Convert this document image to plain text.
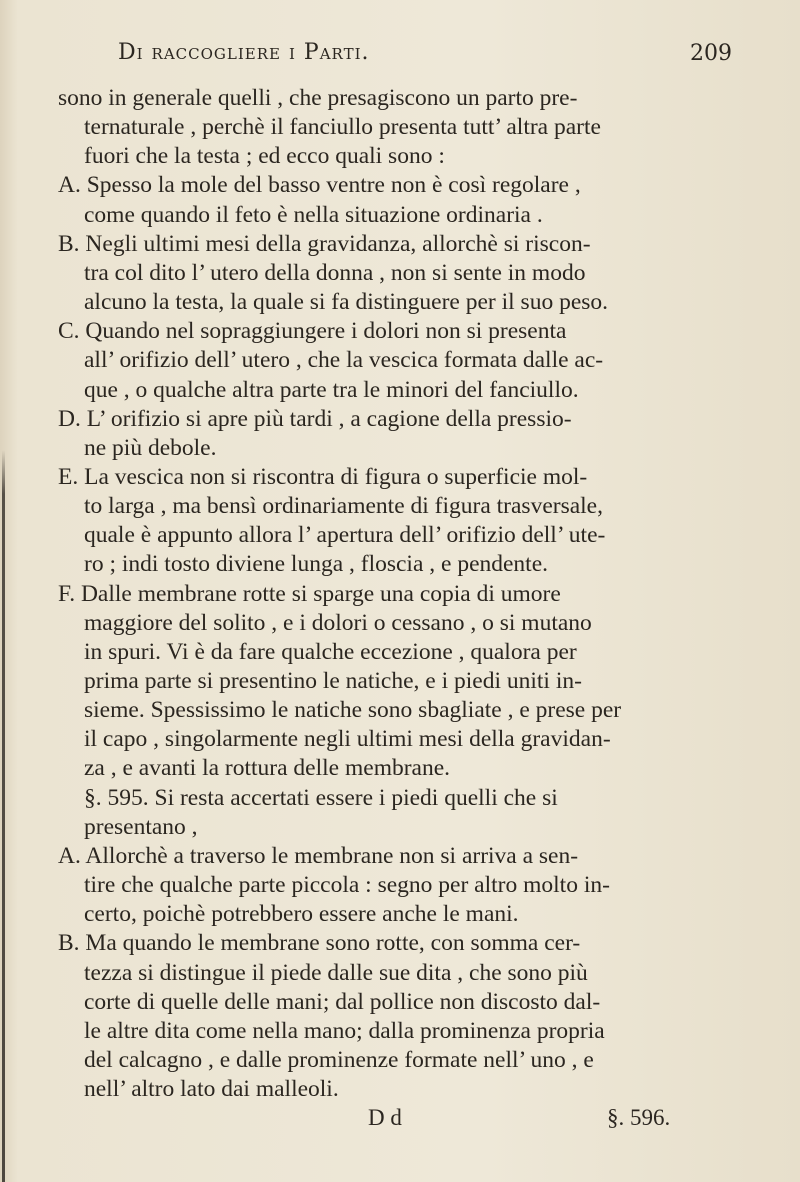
Di raccogliere i Parti.	209
sono in generale quelli , che presagiscono un parto pre-
ternaturale , perchè il fanciullo presenta tutt’ altra parte
fuori che la testa ; ed ecco quali sono :
A. Spesso la mole del basso ventre non è così regolare ,
come quando il feto è nella situazione ordinaria .
B. Negli ultimi mesi della gravidanza, allorchè si riscon-
tra col dito l’ utero della donna , non si sente in modo
alcuno la testa, la quale si fa distinguere per il suo peso.
C. Quando nel sopraggiungere i dolori non si presenta
all’ orifizio dell’ utero , che la vescica formata dalle ac-
que , o qualche altra parte tra le minori del fanciullo.
D. L’ orifizio si apre più tardi , a cagione della pressio-
ne più debole.
E. La vescica non si riscontra di figura o superficie mol-
to larga , ma bensì ordinariamente di figura trasversale,
quale è appunto allora l’ apertura dell’ orifizio dell’ ute-
ro ; indi tosto diviene lunga , floscia , e pendente.
F. Dalle membrane rotte si sparge una copia di umore
maggiore del solito , e i dolori o cessano , o si mutano
in spuri. Vi è da fare qualche eccezione , qualora per
prima parte si presentino le natiche, e i piedi uniti in-
sieme. Spessissimo le natiche sono sbagliate , e prese per
il capo , singolarmente negli ultimi mesi della gravidan-
za , e avanti la rottura delle membrane.
§. 595. Si resta accertati essere i piedi quelli che si
presentano ,
A. Allorchè a traverso le membrane non si arriva a sen-
tire che qualche parte piccola : segno per altro molto in-
certo, poichè potrebbero essere anche le mani.
B. Ma quando le membrane sono rotte, con somma cer-
tezza si distingue il piede dalle sue dita , che sono più
corte di quelle delle mani; dal pollice non discosto dal-
le altre dita come nella mano; dalla prominenza propria
del calcagno , e dalle prominenze formate nell’ uno , e
nell’ altro lato dai malleoli.
D d	§. 596.
